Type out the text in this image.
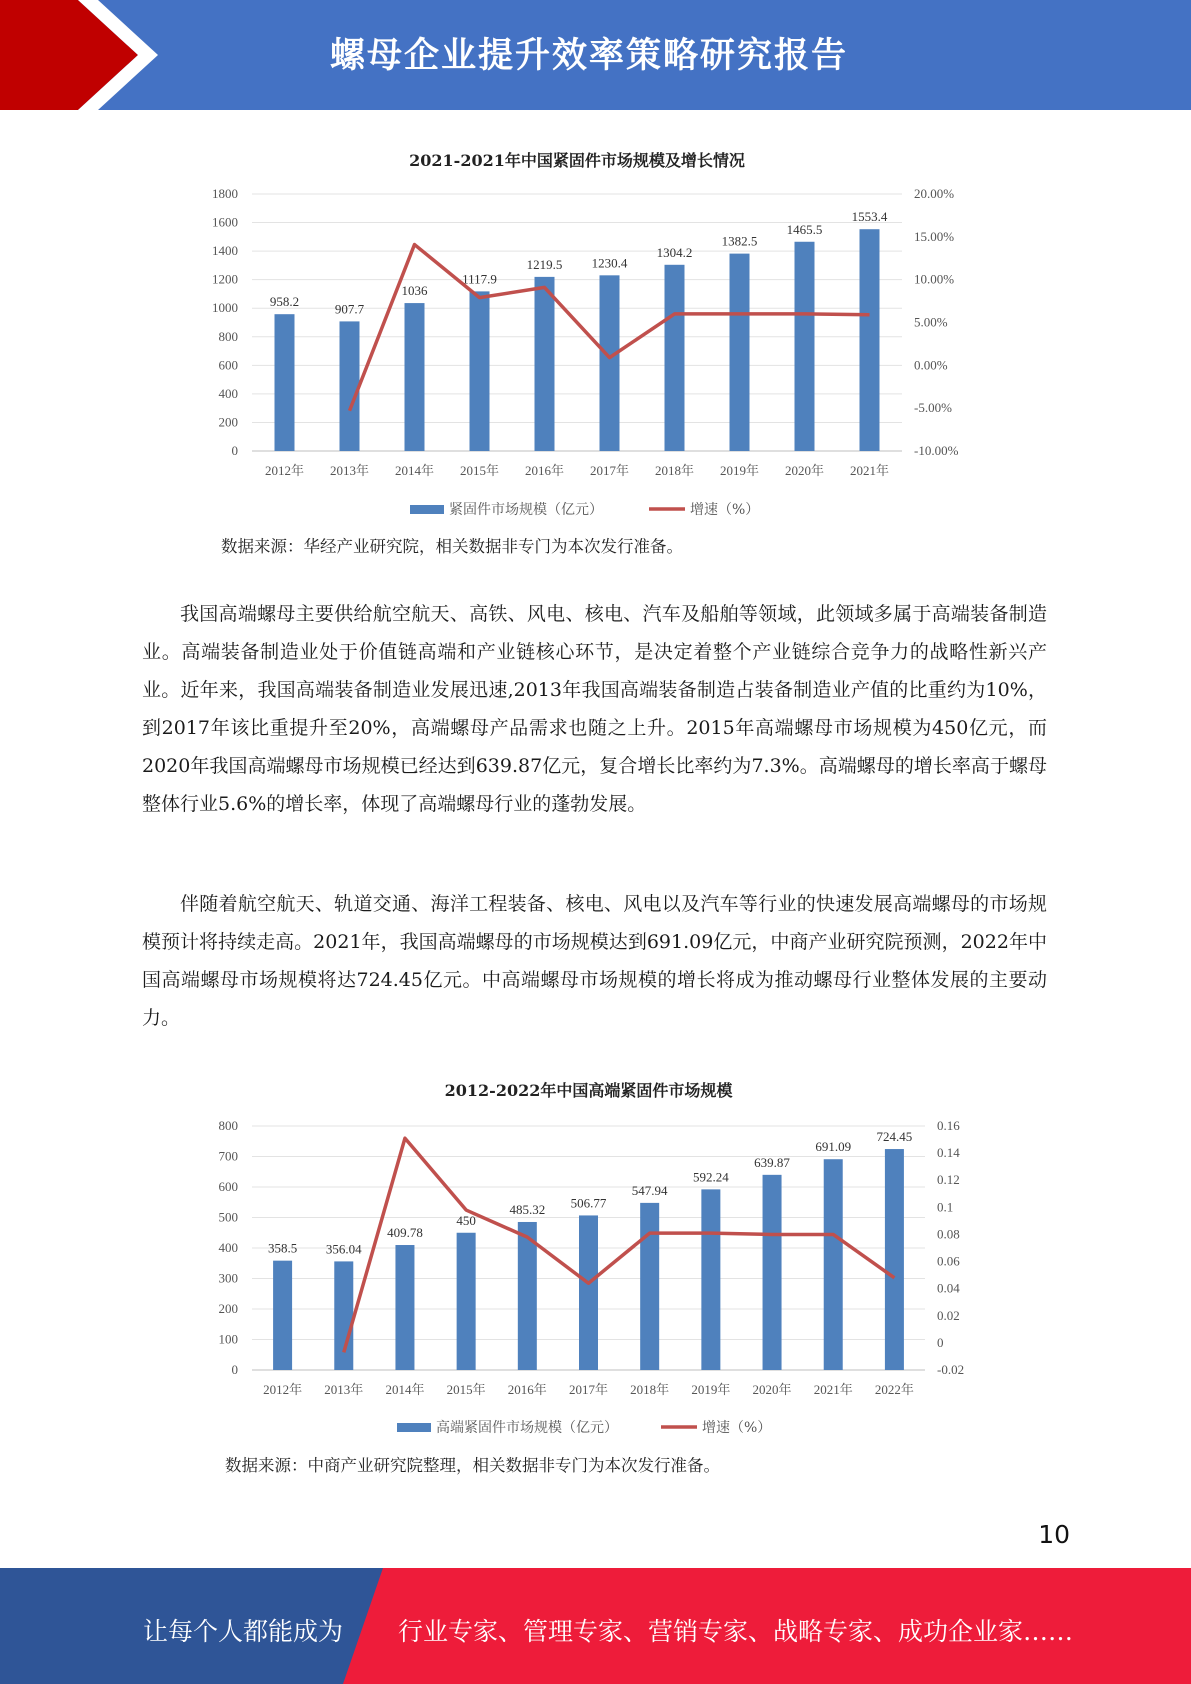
螺母企业提升效率策略研究报告
2021-2021年中国紧固件市场规模及增长情况
0
200
400
600
800
1000
1200
1400
1600
1800
-10.00%
-5.00%
0.00%
5.00%
10.00%
15.00%
20.00%
958.2
2012年
907.7
2013年
1036
2014年
1117.9
2015年
1219.5
2016年
1230.4
2017年
1304.2
2018年
1382.5
2019年
1465.5
2020年
1553.4
2021年
紧固件市场规模（亿元）	增速（%）
数据来源：华经产业研究院，相关数据非专门为本次发行准备。

我国高端螺母主要供给航空航天、高铁、风电、核电、汽车及船舶等领域，此领域多属于高端装备制造业。高端装备制造业处于价值链高端和产业链核心环节，是决定着整个产业链综合竞争力的战略性新兴产业。近年来，我国高端装备制造业发展迅速,2013年我国高端装备制造占装备制造业产值的比重约为10%，到2017年该比重提升至20%，高端螺母产品需求也随之上升。2015年高端螺母市场规模为450亿元，而2020年我国高端螺母市场规模已经达到639.87亿元，复合增长比率约为7.3%。高端螺母的增长率高于螺母整体行业5.6%的增长率，体现了高端螺母行业的蓬勃发展。

伴随着航空航天、轨道交通、海洋工程装备、核电、风电以及汽车等行业的快速发展高端螺母的市场规模预计将持续走高。2021年，我国高端螺母的市场规模达到691.09亿元，中商产业研究院预测，2022年中国高端螺母市场规模将达724.45亿元。中高端螺母市场规模的增长将成为推动螺母行业整体发展的主要动力。

2012-2022年中国高端紧固件市场规模
0
100
200
300
400
500
600
700
800
-0.02
0
0.02
0.04
0.06
0.08
0.1
0.12
0.14
0.16
358.5
2012年
356.04
2013年
409.78
2014年
450
2015年
485.32
2016年
506.77
2017年
547.94
2018年
592.24
2019年
639.87
2020年
691.09
2021年
724.45
2022年
高端紧固件市场规模（亿元）	增速（%）
数据来源：中商产业研究院整理，相关数据非专门为本次发行准备。
10
让每个人都能成为 行业专家、管理专家、营销专家、战略专家、成功企业家……
